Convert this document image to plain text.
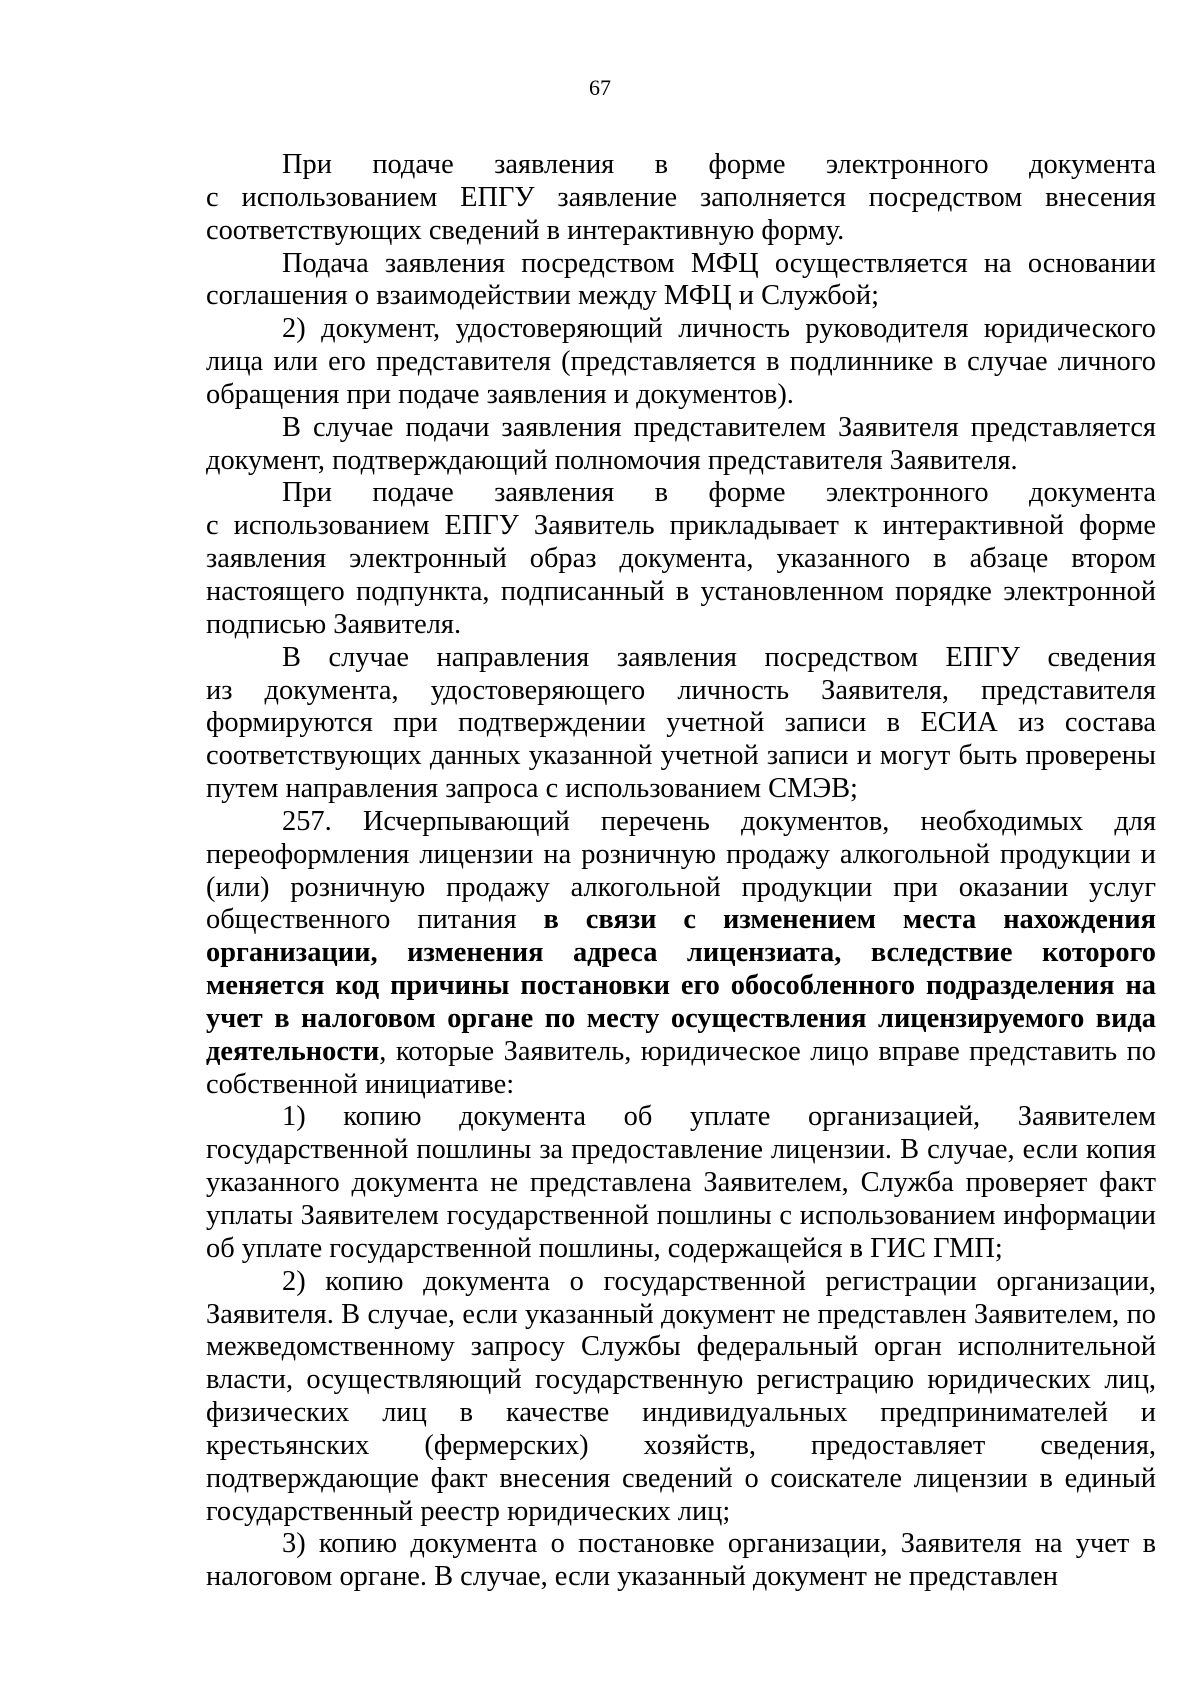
67

При подаче заявления в форме электронного документа
с использованием ЕПГУ заявление заполняется посредством внесения
соответствующих сведений в интерактивную форму.

Подача заявления посредством МФЦ осуществляется на основании соглашения о взаимодействии между МФЦ и Службой;

2) документ, удостоверяющий личность руководителя юридического лица или его представителя (представляется в подлиннике в случае личного обращения при подаче заявления и документов).

В случае подачи заявления представителем Заявителя представляется документ, подтверждающий полномочия представителя Заявителя.

При подаче заявления в форме электронного документа
с использованием ЕПГУ Заявитель прикладывает к интерактивной форме
заявления электронный образ документа, указанного в абзаце втором
настоящего подпункта, подписанный в установленном порядке электронной
подписью Заявителя.

В случае направления заявления посредством ЕПГУ сведения
из документа, удостоверяющего личность Заявителя, представителя
формируются при подтверждении учетной записи в ЕСИА из состава
соответствующих данных указанной учетной записи и могут быть проверены
путем направления запроса с использованием СМЭВ;

257. Исчерпывающий перечень документов, необходимых для переоформления лицензии на розничную продажу алкогольной продукции и (или) розничную продажу алкогольной продукции при оказании услуг общественного питания в связи с изменением места нахождения организации, изменения адреса лицензиата, вследствие которого меняется код причины постановки его обособленного подразделения на учет в налоговом органе по месту осуществления лицензируемого вида деятельности, которые Заявитель, юридическое лицо вправе представить по собственной инициативе:

1) копию документа об уплате организацией, Заявителем государственной пошлины за предоставление лицензии. В случае, если копия указанного документа не представлена Заявителем, Служба проверяет факт уплаты Заявителем государственной пошлины с использованием информации об уплате государственной пошлины, содержащейся в ГИС ГМП;

2) копию документа о государственной регистрации организации, Заявителя. В случае, если указанный документ не представлен Заявителем, по межведомственному запросу Службы федеральный орган исполнительной власти, осуществляющий государственную регистрацию юридических лиц, физических лиц в качестве индивидуальных предпринимателей и крестьянских (фермерских) хозяйств, предоставляет сведения, подтверждающие факт внесения сведений о соискателе лицензии в единый государственный реестр юридических лиц;

3) копию документа о постановке организации, Заявителя на учет в налоговом органе. В случае, если указанный документ не представлен
